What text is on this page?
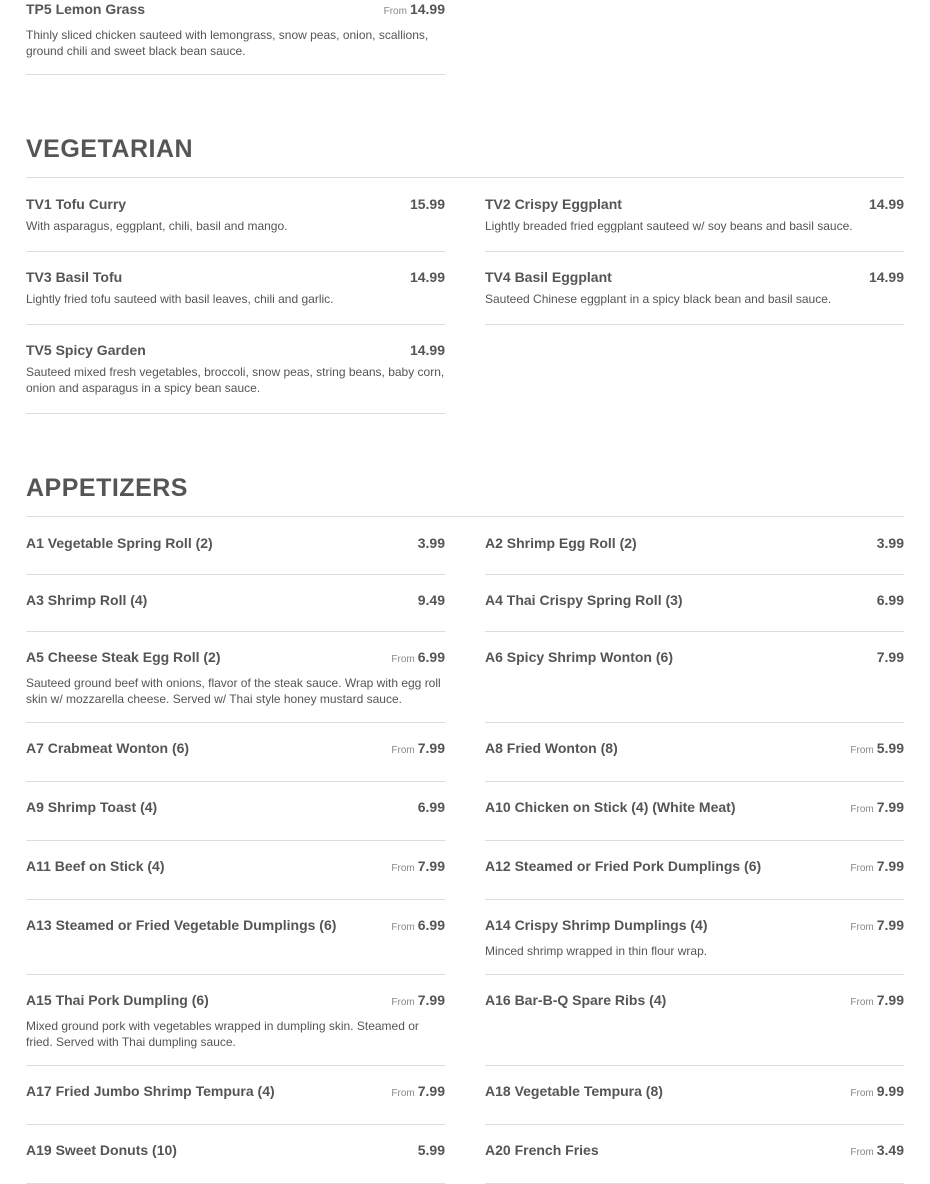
TP5 Lemon Grass	From 14.99
Thinly sliced chicken sauteed with lemongrass, snow peas, onion, scallions, ground chili and sweet black bean sauce.
VEGETARIAN
TV1 Tofu Curry	15.99
With asparagus, eggplant, chili, basil and mango.
TV2 Crispy Eggplant	14.99
Lightly breaded fried eggplant sauteed w/ soy beans and basil sauce.
TV3 Basil Tofu	14.99
Lightly fried tofu sauteed with basil leaves, chili and garlic.
TV4 Basil Eggplant	14.99
Sauteed Chinese eggplant in a spicy black bean and basil sauce.
TV5 Spicy Garden	14.99
Sauteed mixed fresh vegetables, broccoli, snow peas, string beans, baby corn, onion and asparagus in a spicy bean sauce.
APPETIZERS
A1 Vegetable Spring Roll (2)	3.99	A2 Shrimp Egg Roll (2)	3.99
A3 Shrimp Roll (4)	9.49	A4 Thai Crispy Spring Roll (3)	6.99
A5 Cheese Steak Egg Roll (2)	From 6.99
Sauteed ground beef with onions, flavor of the steak sauce. Wrap with egg roll skin w/ mozzarella cheese. Served w/ Thai style honey mustard sauce.
A6 Spicy Shrimp Wonton (6)	7.99
A7 Crabmeat Wonton (6)	From 7.99	A8 Fried Wonton (8)	From 5.99
A9 Shrimp Toast (4)	6.99	A10 Chicken on Stick (4) (White Meat)	From 7.99
A11 Beef on Stick (4)	From 7.99	A12 Steamed or Fried Pork Dumplings (6)	From 7.99
A13 Steamed or Fried Vegetable Dumplings (6)	From 6.99	A14 Crispy Shrimp Dumplings (4)	From 7.99
Minced shrimp wrapped in thin flour wrap.
A15 Thai Pork Dumpling (6)	From 7.99
Mixed ground pork with vegetables wrapped in dumpling skin. Steamed or fried. Served with Thai dumpling sauce.
A16 Bar-B-Q Spare Ribs (4)	From 7.99
A17 Fried Jumbo Shrimp Tempura (4)	From 7.99	A18 Vegetable Tempura (8)	From 9.99
A19 Sweet Donuts (10)	5.99	A20 French Fries	From 3.49
